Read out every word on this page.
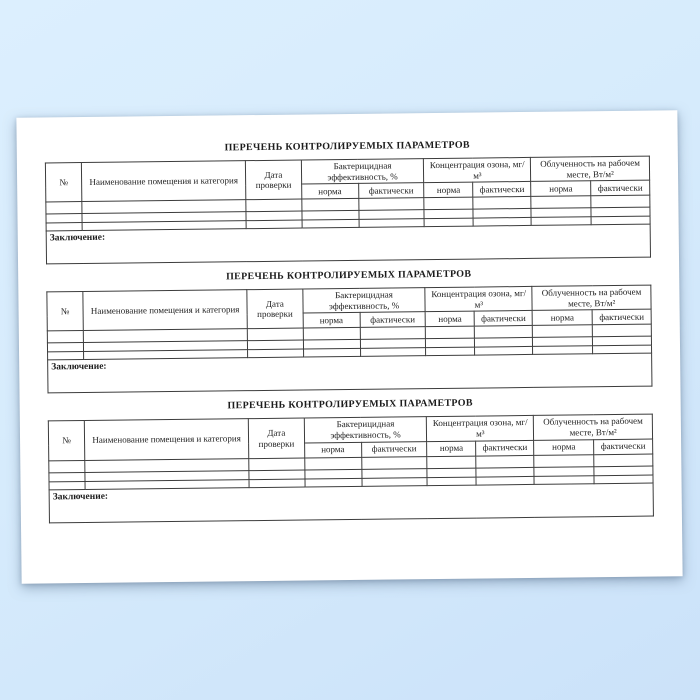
ПЕРЕЧЕНЬ КОНТРОЛИРУЕМЫХ ПАРАМЕТРОВ
№	Наименование помещения и категория	Дата проверки	Бактерицидная эффективность, %		Концентрация озона, мг/м³		Облученность на рабочем месте, Вт/м²	
			норма	фактически	норма	фактически	норма	фактически

Заключение:								
ПЕРЕЧЕНЬ КОНТРОЛИРУЕМЫХ ПАРАМЕТРОВ
№	Наименование помещения и категория	Дата проверки	Бактерицидная эффективность, %		Концентрация озона, мг/м³		Облученность на рабочем месте, Вт/м²	
			норма	фактически	норма	фактически	норма	фактически

Заключение:								
ПЕРЕЧЕНЬ КОНТРОЛИРУЕМЫХ ПАРАМЕТРОВ
№	Наименование помещения и категория	Дата проверки	Бактерицидная эффективность, %		Концентрация озона, мг/м³		Облученность на рабочем месте, Вт/м²	
			норма	фактически	норма	фактически	норма	фактически

Заключение:								
